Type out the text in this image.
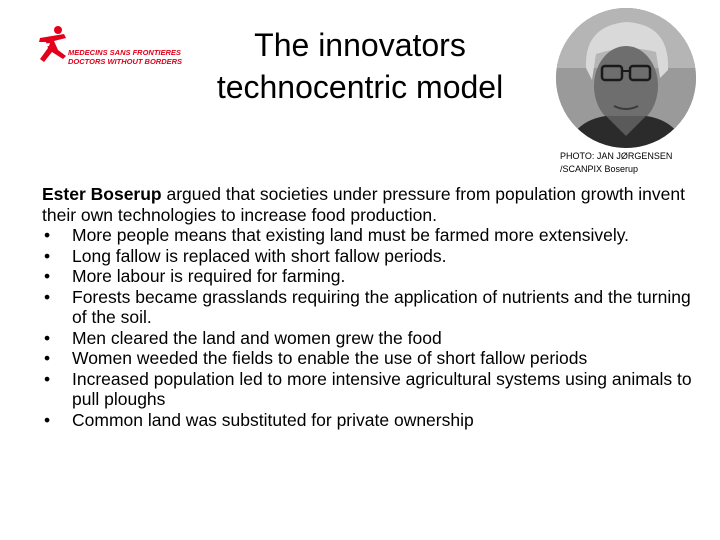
MEDECINS SANS FRONTIERES
DOCTORS WITHOUT BORDERS	The innovators
technocentric model
PHOTO: JAN JØRGENSEN
/SCANPIX Boserup

Ester Boserup argued that societies under pressure from population growth invent their own technologies to increase food production.

• More people means that existing land must be farmed more extensively.
• Long fallow is replaced with short fallow periods.
• More labour is required for farming.
• Forests became grasslands requiring the application of nutrients and the turning of the soil.
• Men cleared the land and women grew the food
• Women weeded the fields to enable the use of short fallow periods
• Increased population led to more intensive agricultural systems using animals to pull ploughs
• Common land was substituted for private ownership
